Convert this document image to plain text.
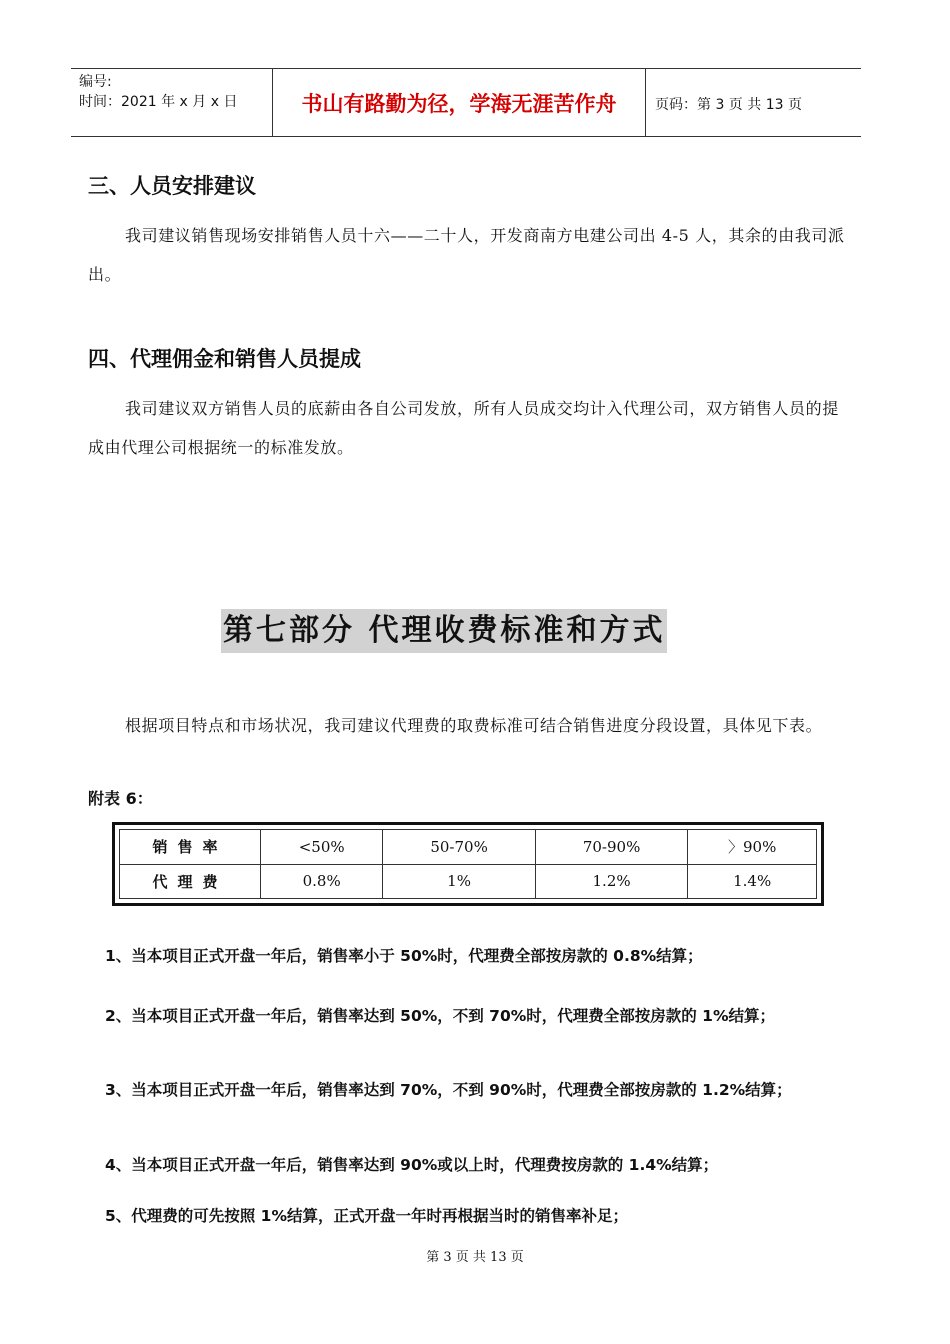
编号:
时间：2021 年 x 月 x 日	书山有路勤为径，学海无涯苦作舟	页码：第 3 页 共 13 页
三、人员安排建议
我司建议销售现场安排销售人员十六——二十人，开发商南方电建公司出 4-5 人，其余的由我司派出。
四、代理佣金和销售人员提成
我司建议双方销售人员的底薪由各自公司发放，所有人员成交均计入代理公司，双方销售人员的提成由代理公司根据统一的标准发放。
第七部分 代理收费标准和方式
根据项目特点和市场状况，我司建议代理费的取费标准可结合销售进度分段设置，具体见下表。
附表 6：
销售率	<50%	50-70%	70-90%	〉90%
代理费	0.8%	1%	1.2%	1.4%
1、当本项目正式开盘一年后，销售率小于 50%时，代理费全部按房款的 0.8%结算；
2、当本项目正式开盘一年后，销售率达到 50%，不到 70%时，代理费全部按房款的 1%结算；
3、当本项目正式开盘一年后，销售率达到 70%，不到 90%时，代理费全部按房款的 1.2%结算；
4、当本项目正式开盘一年后，销售率达到 90%或以上时，代理费按房款的 1.4%结算；
5、代理费的可先按照 1%结算，正式开盘一年时再根据当时的销售率补足；
第 3 页 共 13 页
